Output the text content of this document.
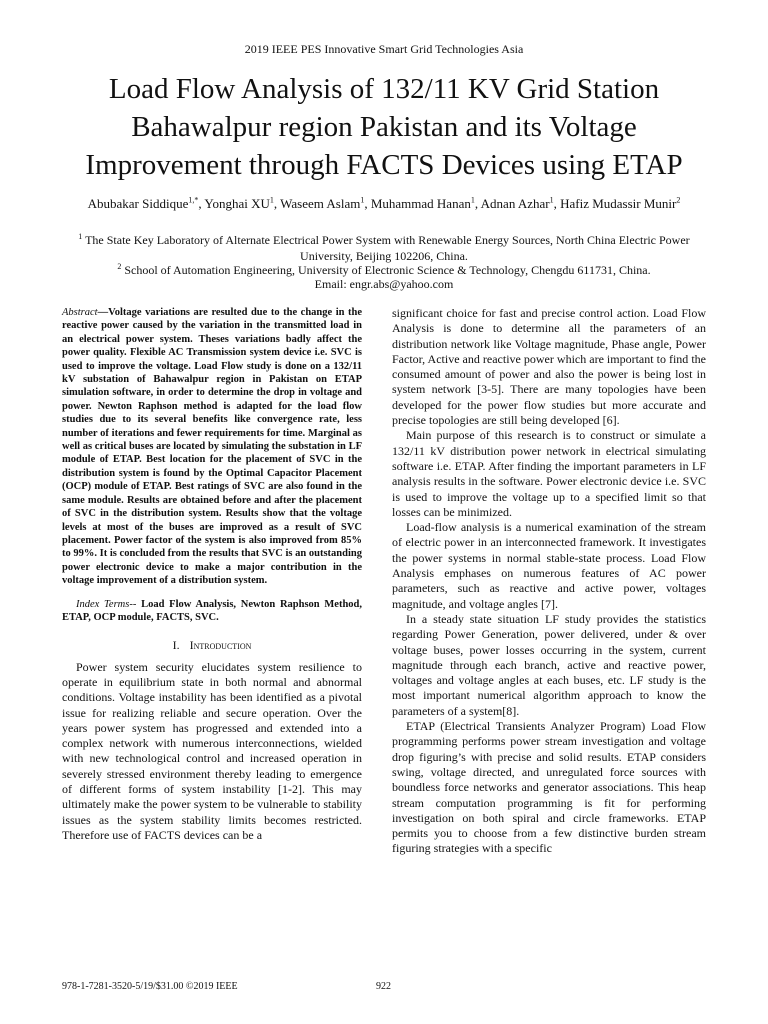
2019 IEEE PES Innovative Smart Grid Technologies Asia
Load Flow Analysis of 132/11 KV Grid Station
Bahawalpur region Pakistan and its Voltage
Improvement through FACTS Devices using ETAP
Abubakar Siddique$^{1,*}$, Yonghai $XU^1$, Waseem Aslam$^1$, Muhammad Hanan$^1$, Adnan Azhar$^1$, Hafiz Mudassir Munir$^2$
$^1$ The State Key Laboratory of Alternate Electrical Power System with Renewable Energy Sources, North China Electric Power University, Beijing 102206, China.
$^2$ School of Automation Engineering, University of Electronic Science & Technology, Chengdu 611731, China.
Email: engr.abs@yahoo.com

Abstract—Voltage variations are resulted due to the change in the reactive power caused by the variation in the transmitted load in an electrical power system. Theses variations badly affect the power quality. Flexible AC Transmission system device i.e. SVC is used to improve the voltage. Load Flow study is done on a 132/11 kV substation of Bahawalpur region in Pakistan on ETAP simulation software, in order to determine the drop in voltage and power. Newton Raphson method is adapted for the load flow studies due to its several benefits like convergence rate, less number of iterations and fewer requirements for time. Marginal as well as critical buses are located by simulating the substation in LF module of ETAP. Best location for the placement of SVC in the distribution system is found by the Optimal Capacitor Placement (OCP) module of ETAP. Best ratings of SVC are also found in the same module. Results are obtained before and after the placement of SVC in the distribution system. Results show that the voltage levels at most of the buses are improved as a result of SVC placement. Power factor of the system is also improved from 85% to 99%. It is concluded from the results that SVC is an outstanding power electronic device to make a major contribution in the voltage improvement of a distribution system.

Index Terms-- Load Flow Analysis, Newton Raphson Method, ETAP, OCP module, FACTS, SVC.

I. Introduction

Power system security elucidates system resilience to operate in equilibrium state in both normal and abnormal conditions. Voltage instability has been identified as a pivotal issue for realizing reliable and secure operation. Over the years power system has progressed and extended into a complex network with numerous interconnections, wielded with new technological control and increased operation in severely stressed environment thereby leading to emergence of different forms of system instability [1-2]. This may ultimately make the power system to be vulnerable to stability issues as the system stability limits becomes restricted. Therefore use of FACTS devices can be a

significant choice for fast and precise control action. Load Flow Analysis is done to determine all the parameters of an distribution network like Voltage magnitude, Phase angle, Power Factor, Active and reactive power which are important to find the consumed amount of power and also the power is being lost in system network [3-5]. There are many topologies have been developed for the power flow studies but more accurate and precise topologies are still being developed [6].

Main purpose of this research is to construct or simulate a 132/11 kV distribution power network in electrical simulating software i.e. ETAP. After finding the important parameters in LF analysis results in the software. Power electronic device i.e. SVC is used to improve the voltage up to a specified limit so that losses can be minimized.

Load-flow analysis is a numerical examination of the stream of electric power in an interconnected framework. It investigates the power systems in normal stable-state process. Load Flow Analysis emphases on numerous features of AC power parameters, such as reactive and active power, voltages magnitude, and voltage angles [7].

In a steady state situation LF study provides the statistics regarding Power Generation, power delivered, under & over voltage buses, power losses occurring in the system, current magnitude through each branch, active and reactive power, voltages and voltage angles at each buses, etc. LF study is the most important numerical algorithm approach to know the parameters of a system[8].

ETAP (Electrical Transients Analyzer Program) Load Flow programming performs power stream investigation and voltage drop figuring’s with precise and solid results. ETAP considers swing, voltage directed, and unregulated force sources with boundless force networks and generator associations. This heap stream computation programming is fit for performing investigation on both spiral and circle frameworks. ETAP permits you to choose from a few distinctive burden stream figuring strategies with a specific

978-1-7281-3520-5/19/$31.00 ©2019 IEEE	922
